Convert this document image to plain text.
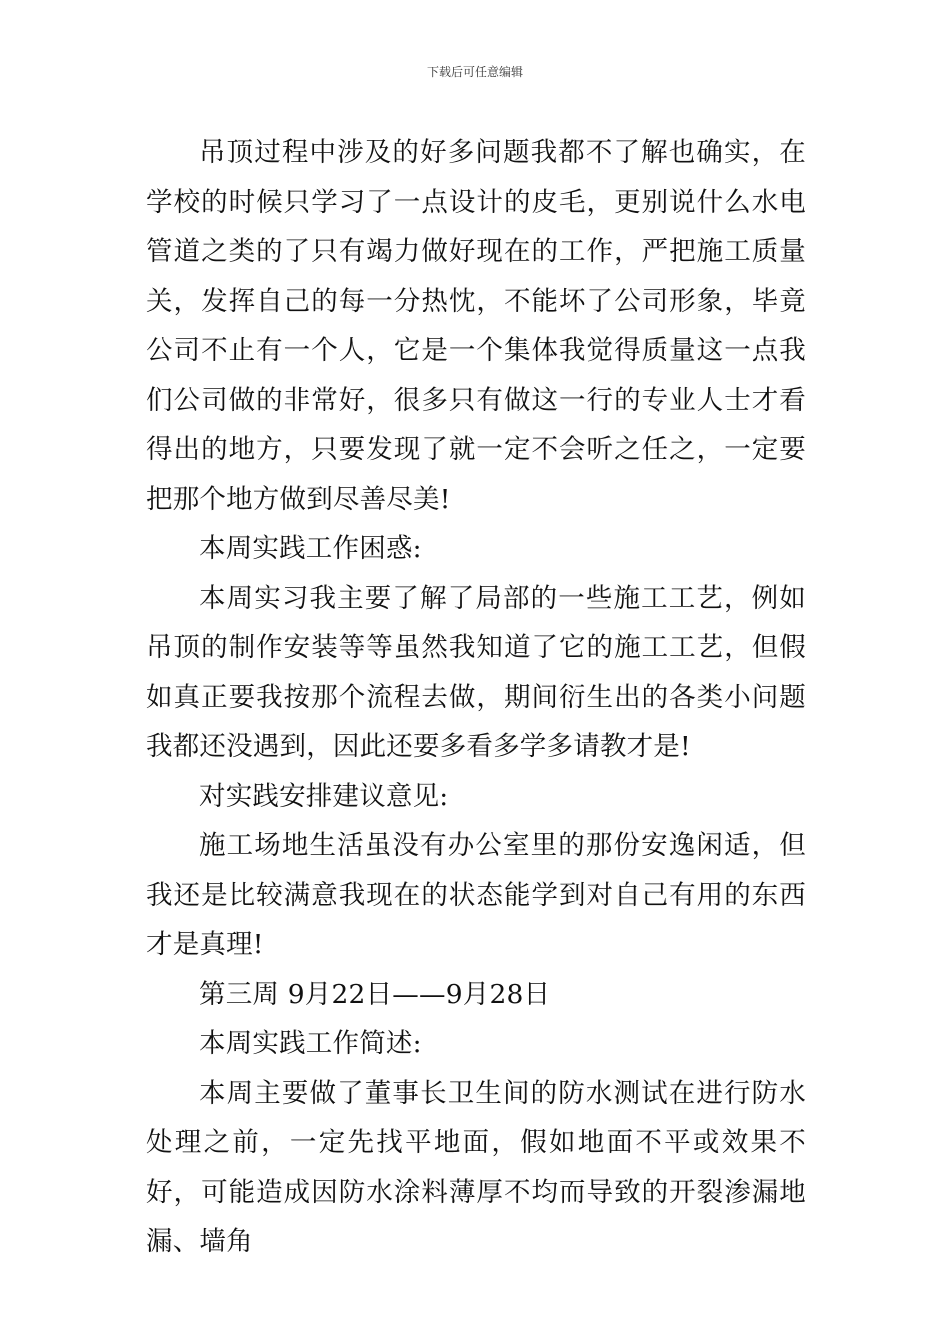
下载后可任意编辑

吊顶过程中涉及的好多问题我都不了解也确实，在学校的时候只学习了一点设计的皮毛，更别说什么水电管道之类的了只有竭力做好现在的工作，严把施工质量关，发挥自己的每一分热忱，不能坏了公司形象，毕竟公司不止有一个人，它是一个集体我觉得质量这一点我们公司做的非常好，很多只有做这一行的专业人士才看得出的地方，只要发现了就一定不会听之任之，一定要把那个地方做到尽善尽美!

本周实践工作困惑:

本周实习我主要了解了局部的一些施工工艺，例如吊顶的制作安装等等虽然我知道了它的施工工艺，但假如真正要我按那个流程去做，期间衍生出的各类小问题我都还没遇到，因此还要多看多学多请教才是!

对实践安排建议意见:

施工场地生活虽没有办公室里的那份安逸闲适，但我还是比较满意我现在的状态能学到对自己有用的东西才是真理!

第三周 9月22日——9月28日

本周实践工作简述:

本周主要做了董事长卫生间的防水测试在进行防水处理之前，一定先找平地面，假如地面不平或效果不好，可能造成因防水涂料薄厚不均而导致的开裂渗漏地漏、墙角
